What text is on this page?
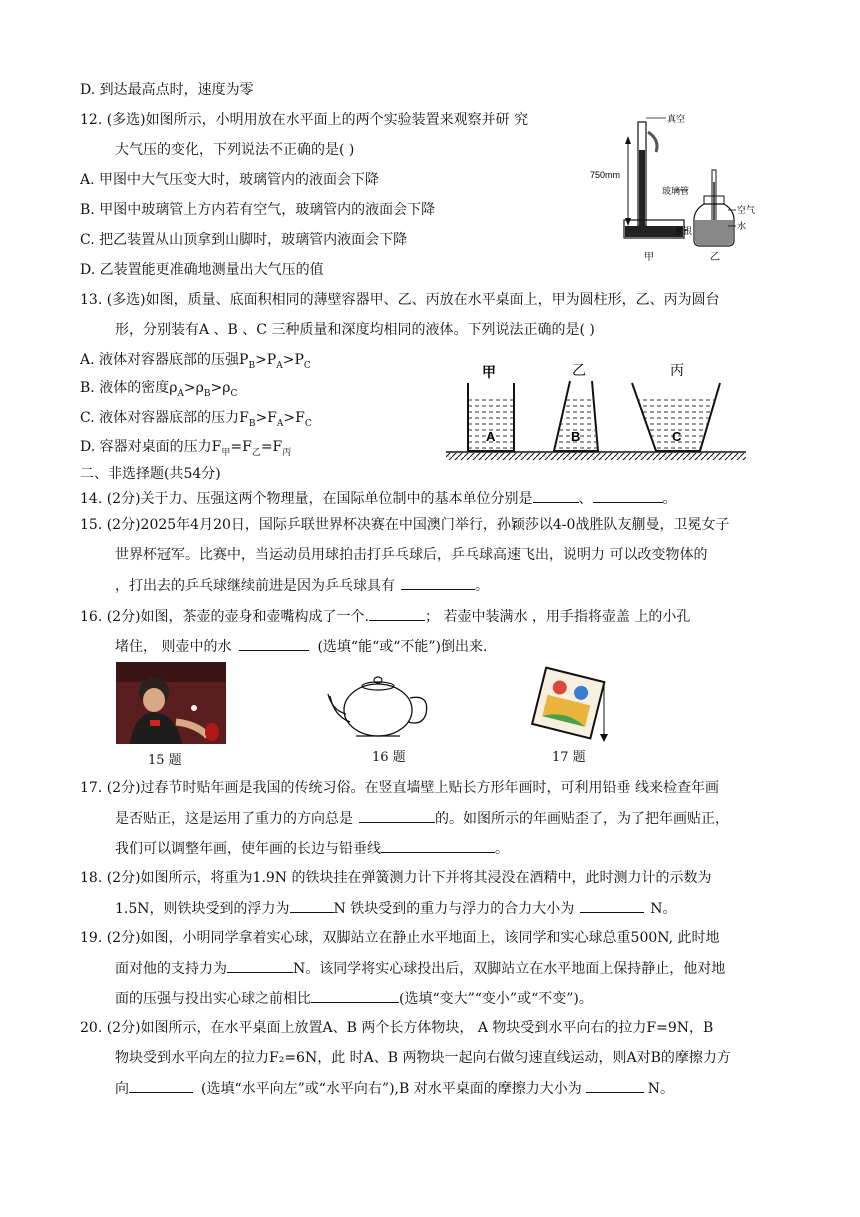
D. 到达最高点时，速度为零
12. (多选)如图所示，小明用放在水平面上的两个实验装置来观察并研 究
大气压的变化，下列说法不正确的是( )
A. 甲图中大气压变大时，玻璃管内的液面会下降
B. 甲图中玻璃管上方内若有空气，玻璃管内的液面会下降
C. 把乙装置从山顶拿到山脚时，玻璃管内液面会下降
D. 乙装置能更准确地测量出大气压的值
真空
750mm
玻璃管
水银
甲
空气
水
乙
13. (多选)如图，质量、底面积相同的薄壁容器甲、乙、丙放在水平桌面上，甲为圆柱形，乙、丙为圆台
形，分别装有A 、B 、C 三种质量和深度均相同的液体。下列说法正确的是( )
A. 液体对容器底部的压强$P_B>P_A>P_C$
B. 液体的密度$\rho_A>\rho_B>\rho_C$
C. 液体对容器底部的压力$F_B>F_A>F_C$
D. 容器对桌面的压力$F_甲=F_乙=F_丙$
A
甲
B
乙
C
丙
二、非选择题(共54分)
14. (2分)关于力、压强这两个物理量，在国际单位制中的基本单位分别是	、	。
15. (2分)2025年4月20日，国际乒联世界杯决赛在中国澳门举行，孙颖莎以4-0战胜队友蒯曼，卫冕女子
世界杯冠军。比赛中，当运动员用球拍击打乒乓球后，乒乓球高速飞出，说明力 可以改变物体的
，打出去的乒乓球继续前进是因为乒乓球具有	。
16. (2分)如图，茶壶的壶身和壶嘴构成了一个.	； 若壶中装满水 ，用手指将壶盖 上的小孔
堵住， 则壶中的水	(选填“能“或“不能”)倒出来.
15 题	16 题	17 题
17. (2分)过春节时贴年画是我国的传统习俗。在竖直墙壁上贴长方形年画时，可利用铅垂 线来检查年画
是否贴正，这是运用了重力的方向总是	的。如图所示的年画贴歪了，为了把年画贴正，
我们可以调整年画，使年画的长边与铅垂线	。
18. (2分)如图所示，将重为1.9N 的铁块挂在弹簧测力计下并将其浸没在酒精中，此时测力计的示数为
1.5N，则铁块受到的浮力为	N 铁块受到的重力与浮力的合力大小为	N。
19. (2分)如图，小明同学拿着实心球，双脚站立在静止水平地面上，该同学和实心球总重500N, 此时地
面对他的支持力为	N。该同学将实心球投出后，双脚站立在水平地面上保持静止，他对地
面的压强与投出实心球之前相比	(选填“变大”“变小”或“不变”)。
20. (2分)如图所示，在水平桌面上放置A、B 两个长方体物块， A 物块受到水平向右的拉力F=9N，B
物块受到水平向左的拉力F₂=6N，此 时A、B 两物块一起向右做匀速直线运动，则A对B的摩擦力方
向	(选填“水平向左”或“水平向右”),B 对水平桌面的摩擦力大小为	N。
